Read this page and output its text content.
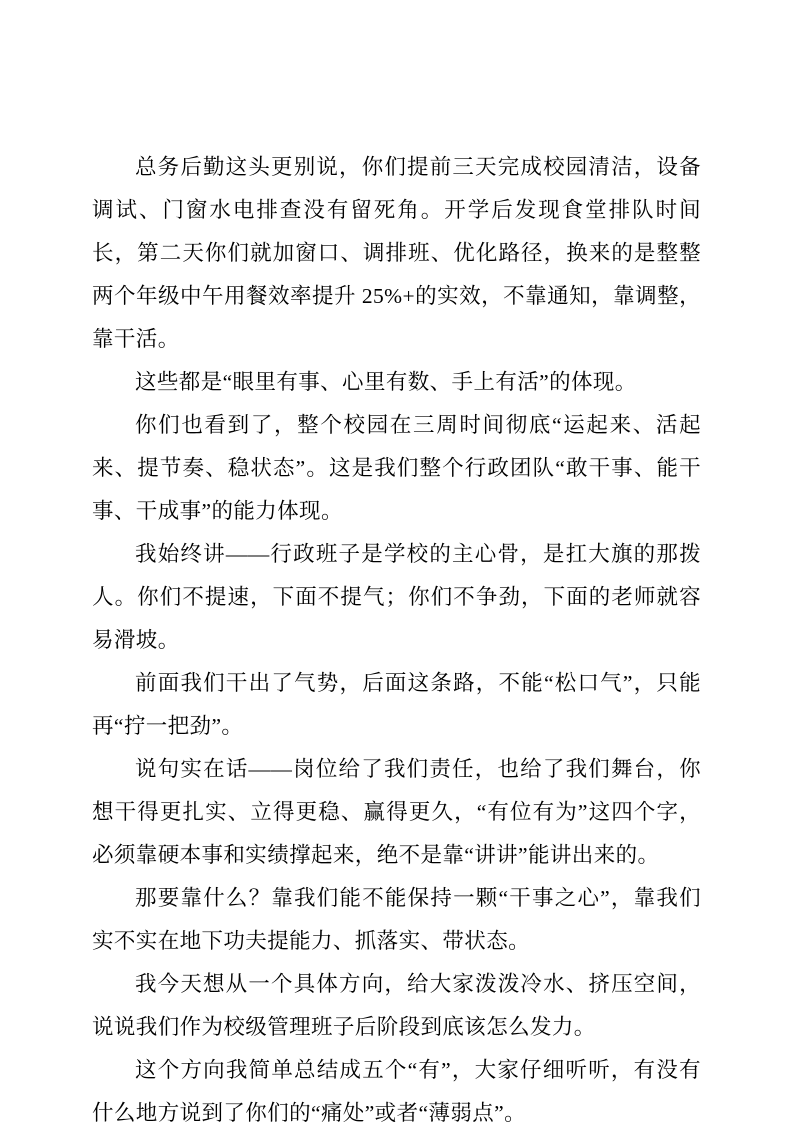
总务后勤这头更别说，你们提前三天完成校园清洁，设备调试、门窗水电排查没有留死角。开学后发现食堂排队时间长，第二天你们就加窗口、调排班、优化路径，换来的是整整两个年级中午用餐效率提升 25%+的实效，不靠通知，靠调整，靠干活。

这些都是“眼里有事、心里有数、手上有活”的体现。

你们也看到了，整个校园在三周时间彻底“运起来、活起来、提节奏、稳状态”。这是我们整个行政团队“敢干事、能干事、干成事”的能力体现。

我始终讲——行政班子是学校的主心骨，是扛大旗的那拨人。你们不提速，下面不提气；你们不争劲，下面的老师就容易滑坡。

前面我们干出了气势，后面这条路，不能“松口气”，只能再“拧一把劲”。

说句实在话——岗位给了我们责任，也给了我们舞台，你想干得更扎实、立得更稳、赢得更久，“有位有为”这四个字，必须靠硬本事和实绩撑起来，绝不是靠“讲讲”能讲出来的。

那要靠什么？靠我们能不能保持一颗“干事之心”，靠我们实不实在地下功夫提能力、抓落实、带状态。

我今天想从一个具体方向，给大家泼泼冷水、挤压空间，说说我们作为校级管理班子后阶段到底该怎么发力。

这个方向我简单总结成五个“有”，大家仔细听听，有没有什么地方说到了你们的“痛处”或者“薄弱点”。
